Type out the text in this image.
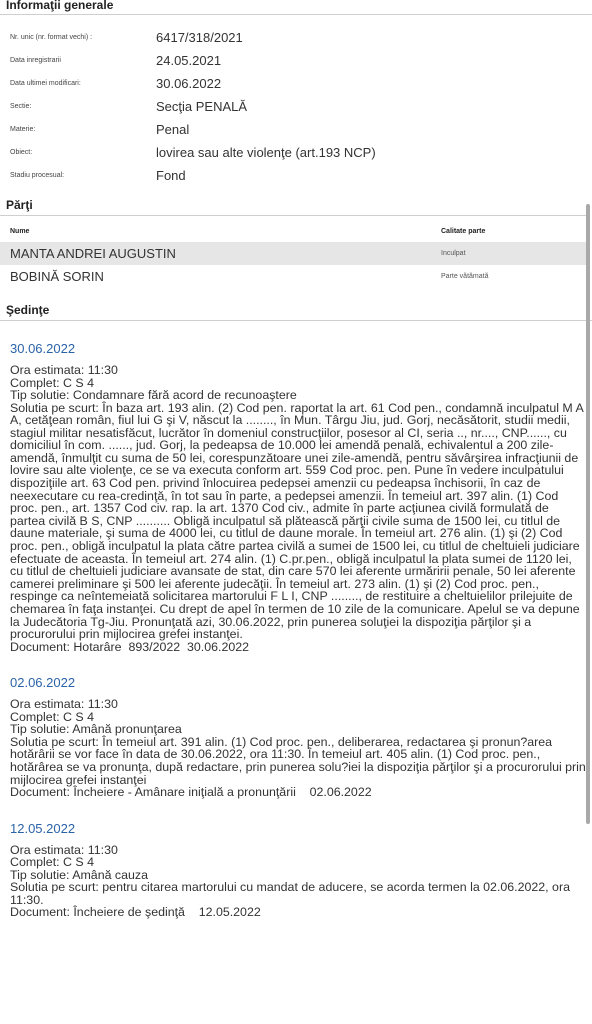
Informaţii generale
Nr. unic (nr. format vechi) :	6417/318/2021
Data inregistrarii	24.05.2021
Data ultimei modificari:	30.06.2022
Sectie:	Secţia PENALĂ
Materie:	Penal
Obiect:	lovirea sau alte violenţe (art.193 NCP)
Stadiu procesual:	Fond
Părţi
Nume	Calitate parte
MANTA ANDREI AUGUSTIN	Inculpat
BOBINĂ SORIN	Parte vătămată
Şedinţe
30.06.2022
Ora estimata: 11:30
Complet: C S 4
Tip solutie: Condamnare fără acord de recunoaştere
Solutia pe scurt: În baza art. 193 alin. (2) Cod pen. raportat la art. 61 Cod pen., condamnă inculpatul M A A, cetăţean român, fiul lui G şi V, născut la ........, în Mun. Târgu Jiu, jud. Gorj, necăsătorit, studii medii, stagiul militar nesatisfăcut, lucrător în domeniul construcţiilor, posesor al CI, seria .., nr...., CNP......, cu domiciliul în com. ......, jud. Gorj, la pedeapsa de 10.000 lei amendă penală, echivalentul a 200 zile-amendă, înmulţit cu suma de 50 lei, corespunzătoare unei zile-amendă, pentru săvârşirea infracţiunii de lovire sau alte violenţe, ce se va executa conform art. 559 Cod proc. pen. Pune în vedere inculpatului dispoziţiile art. 63 Cod pen. privind înlocuirea pedepsei amenzii cu pedeapsa închisorii, în caz de neexecutare cu rea-credinţă, în tot sau în parte, a pedepsei amenzii. În temeiul art. 397 alin. (1) Cod proc. pen., art. 1357 Cod civ. rap. la art. 1370 Cod civ., admite în parte acţiunea civilă formulată de partea civilă B S, CNP .......... Obligă inculpatul să plătească părţii civile suma de 1500 lei, cu titlul de daune materiale, şi suma de 4000 lei, cu titlul de daune morale. În temeiul art. 276 alin. (1) şi (2) Cod proc. pen., obligă inculpatul la plata către partea civilă a sumei de 1500 lei, cu titlul de cheltuieli judiciare efectuate de aceasta. În temeiul art. 274 alin. (1) C.pr.pen., obligă inculpatul la plata sumei de 1120 lei, cu titlul de cheltuieli judiciare avansate de stat, din care 570 lei aferente urmăririi penale, 50 lei aferente camerei preliminare şi 500 lei aferente judecăţii. În temeiul art. 273 alin. (1) şi (2) Cod proc. pen., respinge ca neîntemeiată solicitarea martorului F L I, CNP ........, de restituire a cheltuielilor prilejuite de chemarea în faţa instanţei. Cu drept de apel în termen de 10 zile de la comunicare. Apelul se va depune la Judecătoria Tg-Jiu. Pronunţată azi, 30.06.2022, prin punerea soluţiei la dispoziţia părţilor şi a procurorului prin mijlocirea grefei instanţei.
Document: Hotarâre  893/2022  30.06.2022
02.06.2022
Ora estimata: 11:30
Complet: C S 4
Tip solutie: Amână pronunţarea
Solutia pe scurt: În temeiul art. 391 alin. (1) Cod proc. pen., deliberarea, redactarea şi pronun?area hotărârii se vor face în data de 30.06.2022, ora 11:30. În temeiul art. 405 alin. (1) Cod proc. pen., hotărârea se va pronunţa, după redactare, prin punerea solu?iei la dispoziţia părţilor şi a procurorului prin mijlocirea grefei instanţei
Document: Încheiere - Amânare iniţială a pronunţării    02.06.2022
12.05.2022
Ora estimata: 11:30
Complet: C S 4
Tip solutie: Amână cauza
Solutia pe scurt: pentru citarea martorului cu mandat de aducere, se acorda termen la 02.06.2022, ora 11:30.
Document: Încheiere de şedinţă    12.05.2022
